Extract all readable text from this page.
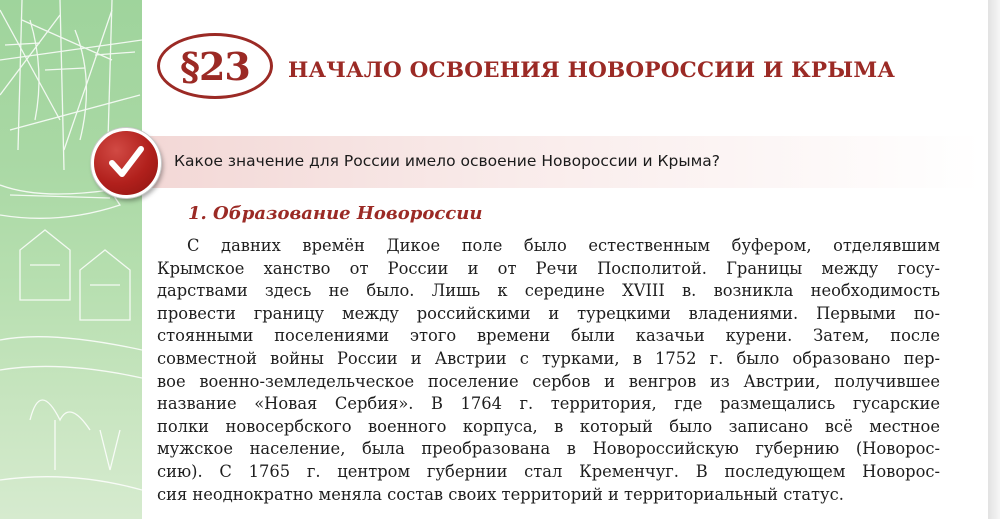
§23 НАЧАЛО ОСВОЕНИЯ НОВОРОССИИ И КРЫМА
Какое значение для России имело освоение Новороссии и Крыма?
1. Образование Новороссии
С давних времён Дикое поле было естественным буфером, отделявшим
Крымское ханство от России и от Речи Посполитой. Границы между госу-
дарствами здесь не было. Лишь к середине XVIII в. возникла необходимость
провести границу между российскими и турецкими владениями. Первыми по-
стоянными поселениями этого времени были казачьи курени. Затем, после
совместной войны России и Австрии с турками, в 1752 г. было образовано пер-
вое военно-земледельческое поселение сербов и венгров из Австрии, получившее
название «Новая Сербия». В 1764 г. территория, где размещались гусарские
полки новосербского военного корпуса, в который было записано всё местное
мужское население, была преобразована в Новороссийскую губернию (Новорос-
сию). С 1765 г. центром губернии стал Кременчуг. В последующем Новорос-
сия неоднократно меняла состав своих территорий и территориальный статус.
